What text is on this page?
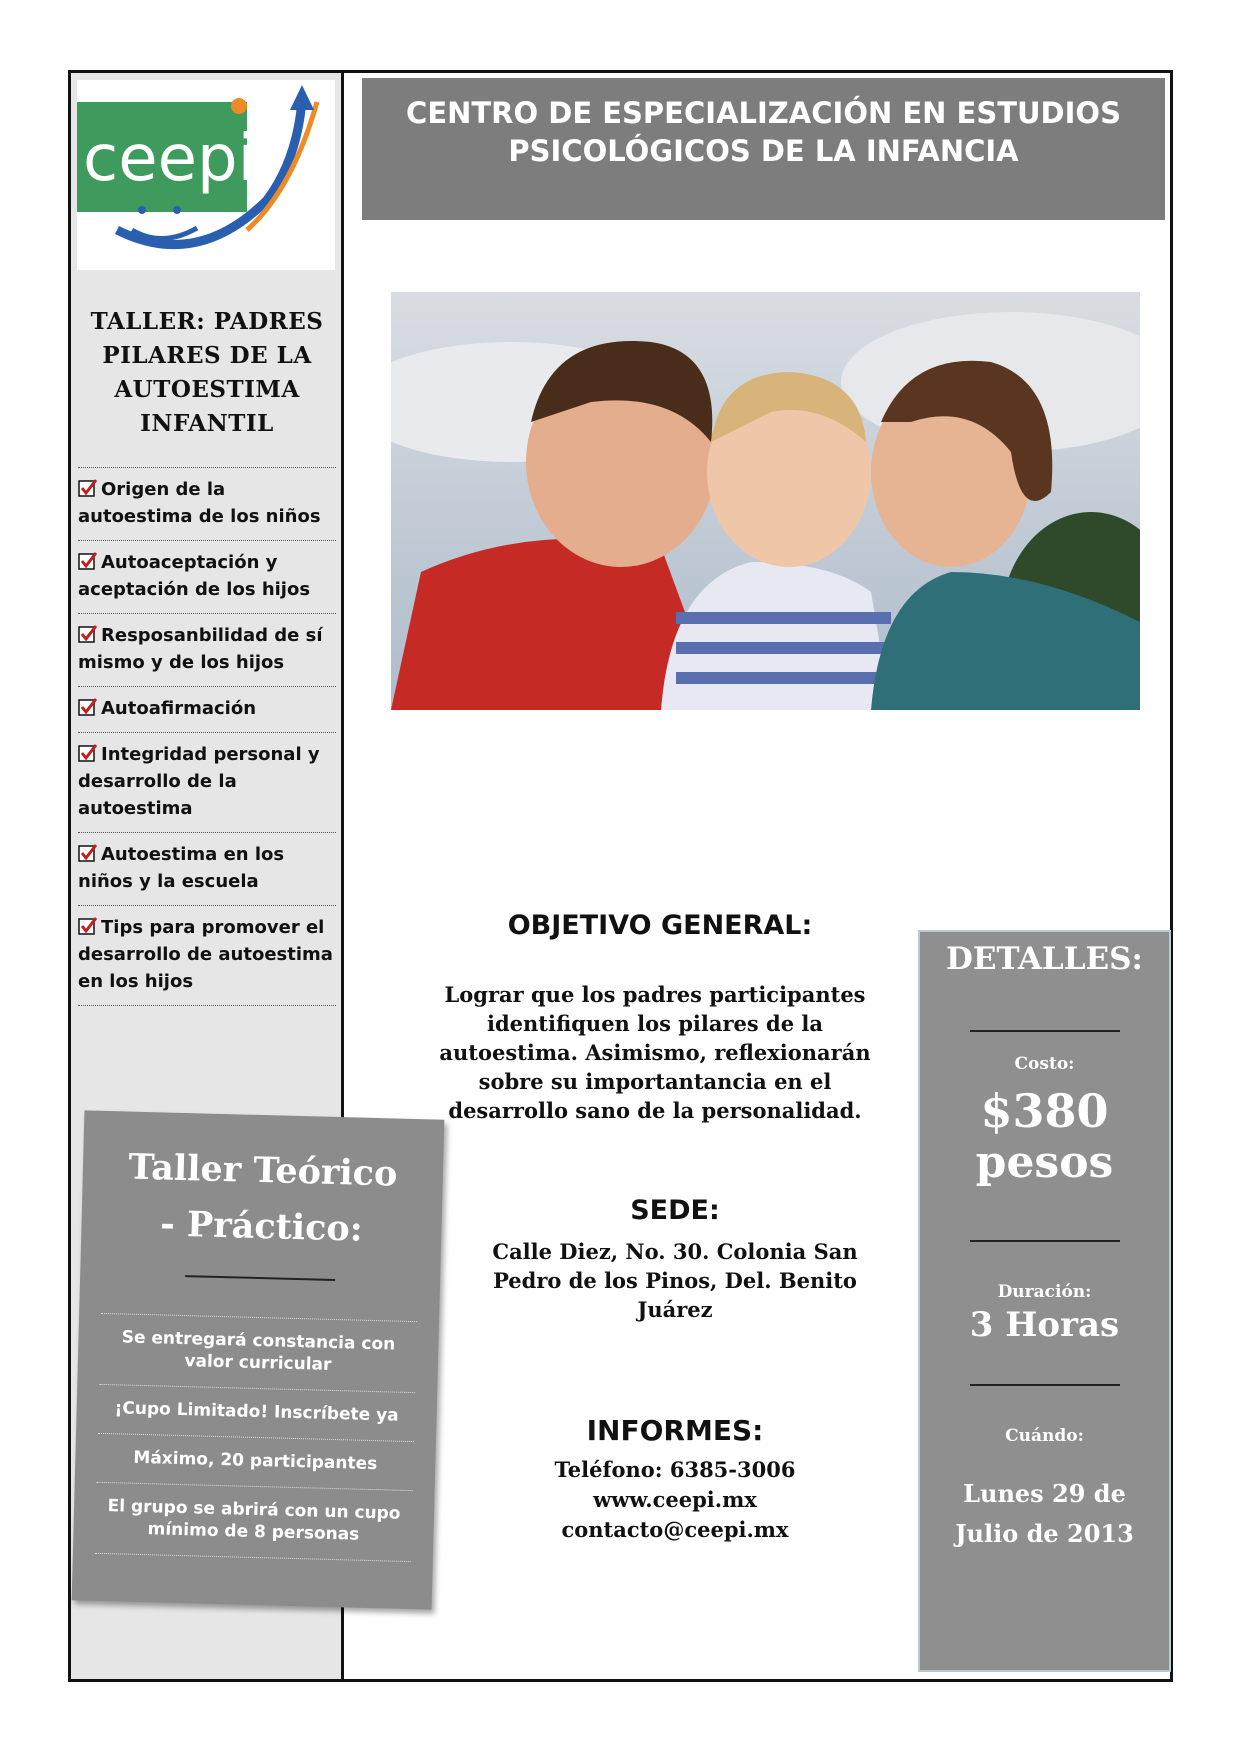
ceepi
TALLER: PADRES
PILARES DE LA
AUTOESTIMA
INFANTIL
Origen de la autoestima de los niños
Autoaceptación y aceptación de los hijos
Resposanbilidad de sí mismo y de los hijos
Autoafirmación
Integridad personal y desarrollo de la autoestima
Autoestima en los niños y la escuela
Tips para promover el desarrollo de autoestima en los hijos
Taller Teórico
- Práctico:

Se entregará constancia con valor curricular

¡Cupo Limitado! Inscríbete ya

Máximo, 20 participantes

El grupo se abrirá con un cupo mínimo de 8 personas

CENTRO DE ESPECIALIZACIÓN EN ESTUDIOS
PSICOLÓGICOS DE LA INFANCIA
OBJETIVO GENERAL:

Lograr que los padres participantes
identifiquen los pilares de la
autoestima. Asimismo, reflexionarán
sobre su importantancia en el
desarrollo sano de la personalidad.

SEDE:

Calle Diez, No. 30. Colonia San
Pedro de los Pinos, Del. Benito
Juárez

INFORMES:

Teléfono: 6385-3006

www.ceepi.mx

contacto@ceepi.mx

DETALLES:
Costo:
$380
pesos
Duración:
3 Horas
Cuándo:
Lunes 29 de
Julio de 2013
